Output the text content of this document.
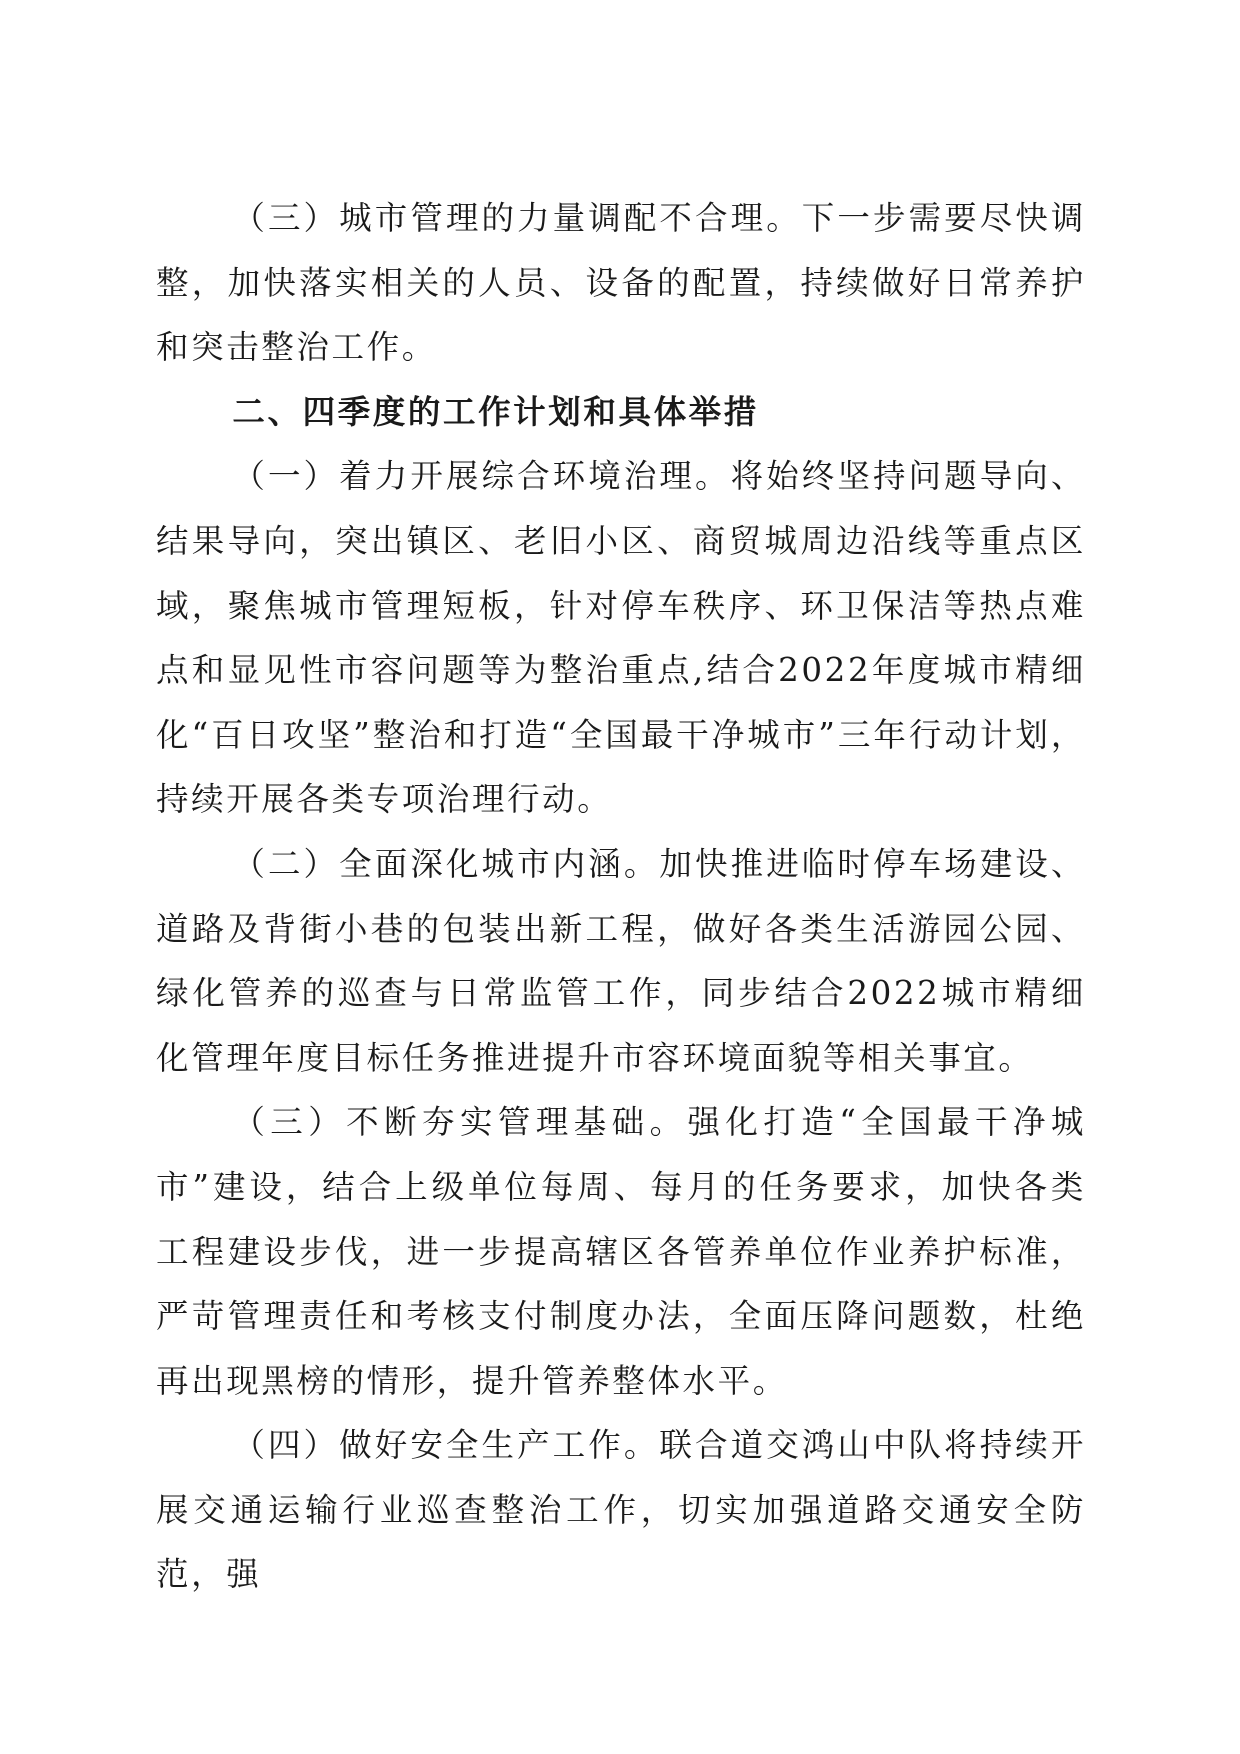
（三）城市管理的力量调配不合理。下一步需要尽快调整，加快落实相关的人员、设备的配置，持续做好日常养护和突击整治工作。

二、四季度的工作计划和具体举措

（一）着力开展综合环境治理。将始终坚持问题导向、结果导向，突出镇区、老旧小区、商贸城周边沿线等重点区域，聚焦城市管理短板，针对停车秩序、环卫保洁等热点难点和显见性市容问题等为整治重点,结合2022年度城市精细化“百日攻坚”整治和打造“全国最干净城市”三年行动计划，持续开展各类专项治理行动。

（二）全面深化城市内涵。加快推进临时停车场建设、道路及背街小巷的包装出新工程，做好各类生活游园公园、绿化管养的巡查与日常监管工作，同步结合2022城市精细化管理年度目标任务推进提升市容环境面貌等相关事宜。

（三）不断夯实管理基础。强化打造“全国最干净城市”建设，结合上级单位每周、每月的任务要求，加快各类工程建设步伐，进一步提高辖区各管养单位作业养护标准，严苛管理责任和考核支付制度办法，全面压降问题数，杜绝再出现黑榜的情形，提升管养整体水平。

（四）做好安全生产工作。联合道交鸿山中队将持续开展交通运输行业巡查整治工作，切实加强道路交通安全防范，强
